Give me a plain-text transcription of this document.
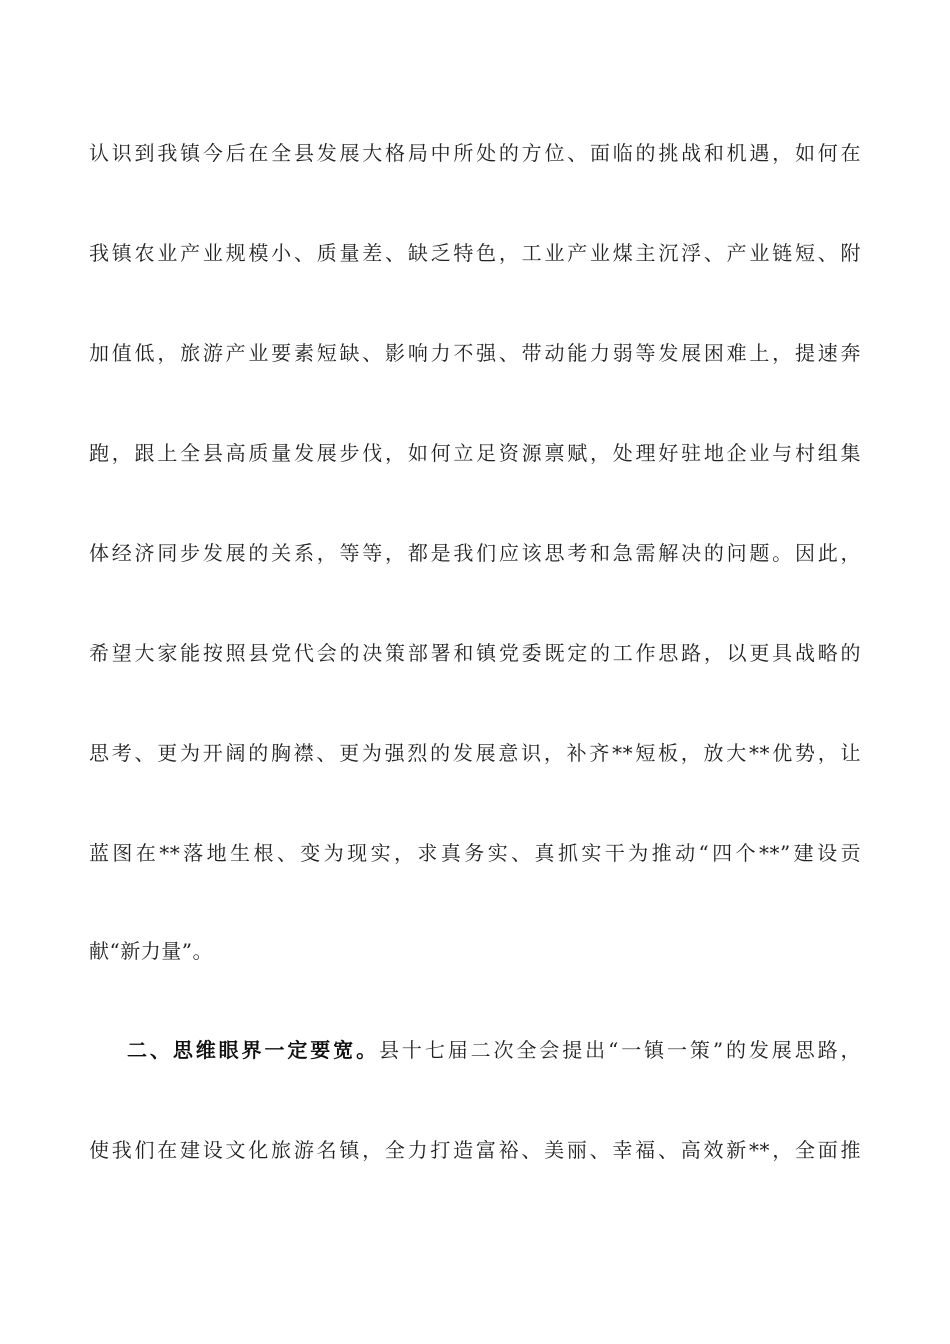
认识到我镇今后在全县发展大格局中所处的方位、面临的挑战和机遇，如何在
我镇农业产业规模小、质量差、缺乏特色，工业产业煤主沉浮、产业链短、附
加值低，旅游产业要素短缺、影响力不强、带动能力弱等发展困难上，提速奔
跑，跟上全县高质量发展步伐，如何立足资源禀赋，处理好驻地企业与村组集
体经济同步发展的关系，等等，都是我们应该思考和急需解决的问题。因此，
希望大家能按照县党代会的决策部署和镇党委既定的工作思路，以更具战略的
思考、更为开阔的胸襟、更为强烈的发展意识，补齐**短板，放大**优势，让
蓝图在**落地生根、变为现实，求真务实、真抓实干为推动“四个**”建设贡
献“新力量”。
二、思维眼界一定要宽。县十七届二次全会提出“一镇一策”的发展思路，
使我们在建设文化旅游名镇，全力打造富裕、美丽、幸福、高效新**，全面推
